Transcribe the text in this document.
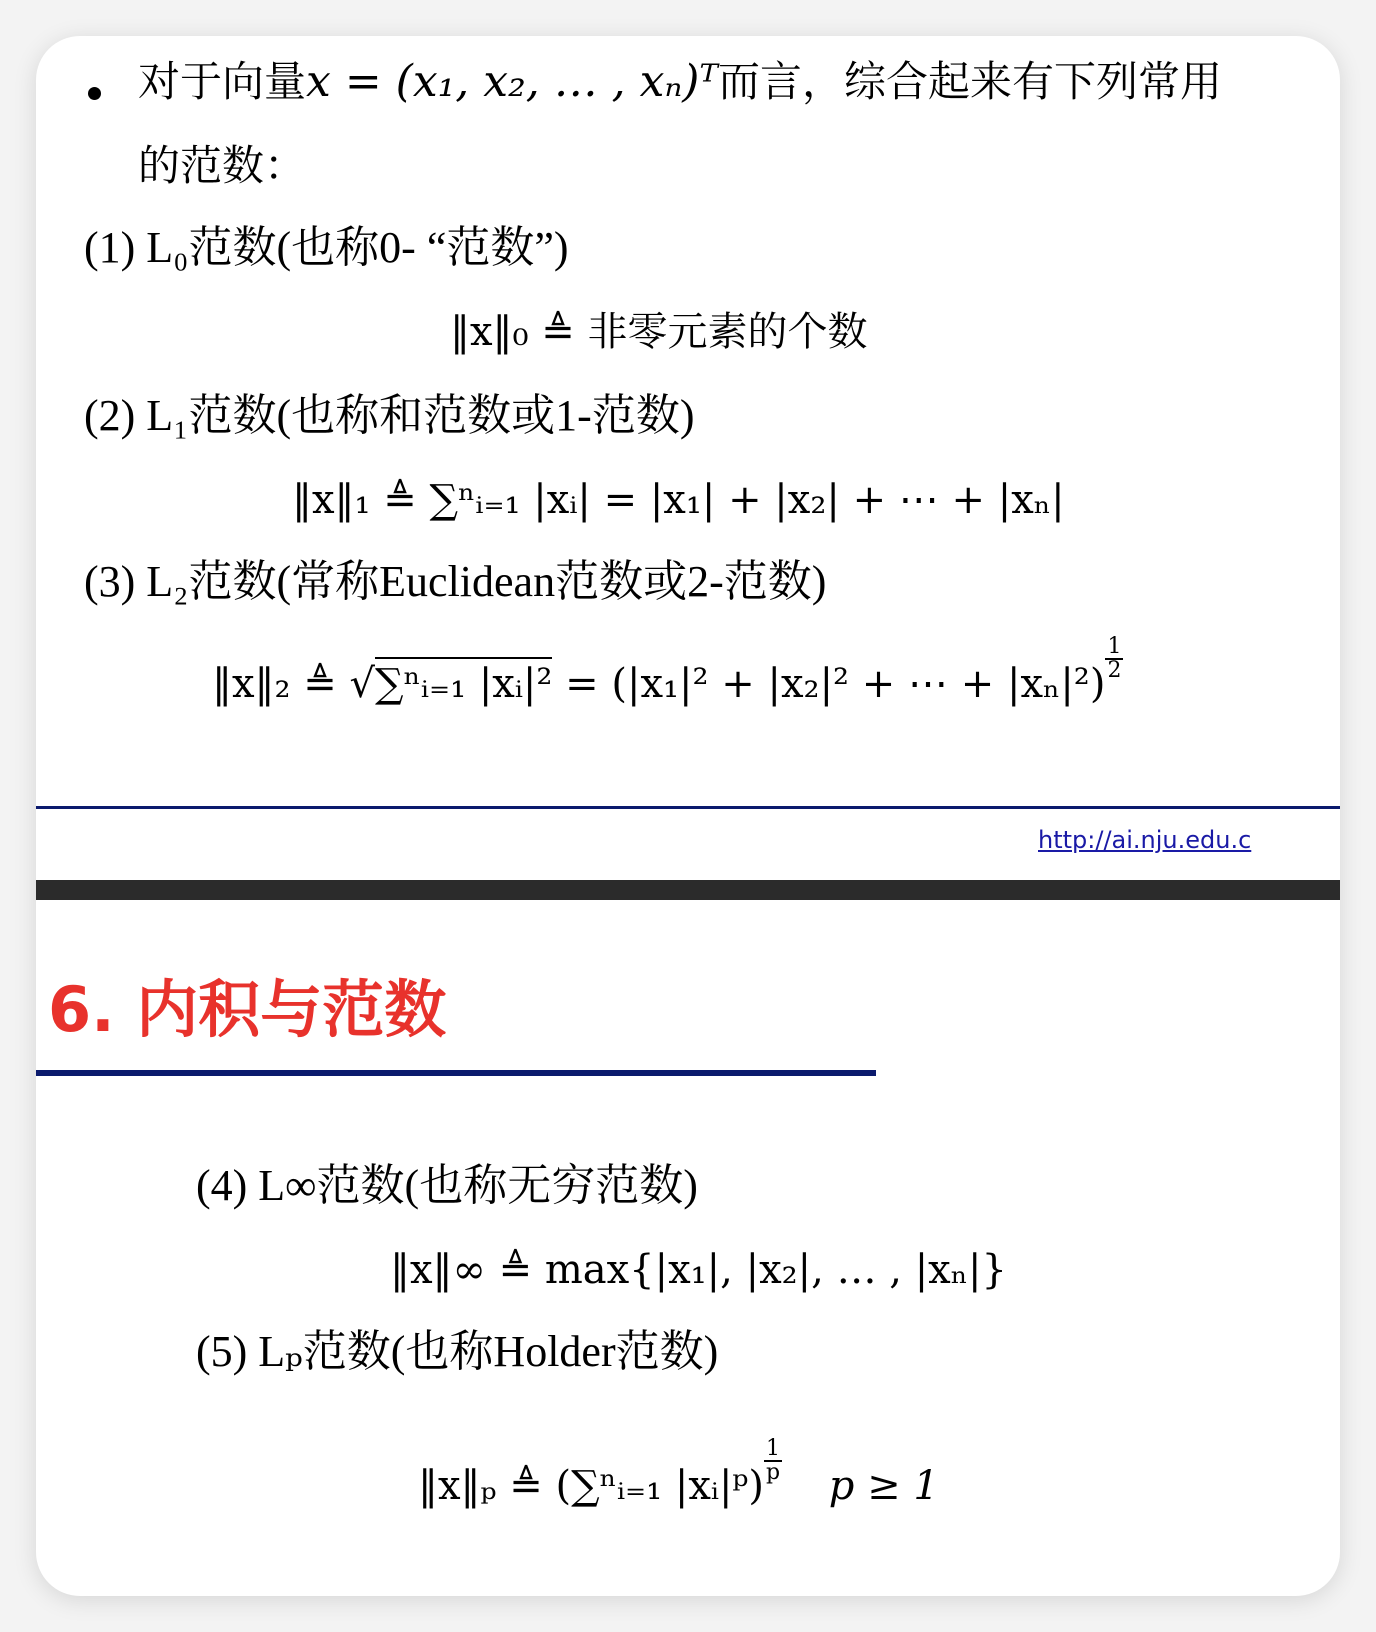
对于向量x = (x₁, x₂, … , xₙ)ᵀ而言，综合起来有下列常用
的范数：
(1) L₀范数(也称0- “范数”)
‖x‖₀ ≜ 非零元素的个数
(2) L₁范数(也称和范数或1-范数)
‖x‖₁ ≜ ∑ⁿᵢ₌₁ |xᵢ| = |x₁| + |x₂| + ⋯ + |xₙ|
(3) L₂范数(常称Euclidean范数或2-范数)
‖x‖₂ ≜ √∑ⁿᵢ₌₁ |xᵢ|² = (|x₁|² + |x₂|² + ⋯ + |xₙ|²)
$\frac{1}{2}$
http://ai.nju.edu.c
6. 内积与范数
(4) L∞范数(也称无穷范数)
‖x‖∞ ≜ max{|x₁|, |x₂|, … , |xₙ|}
(5) Lₚ范数(也称Holder范数)
‖x‖ₚ ≜ (∑ⁿᵢ₌₁ |xᵢ|ᵖ)
$\frac{1}{p}$
p ≥ 1
